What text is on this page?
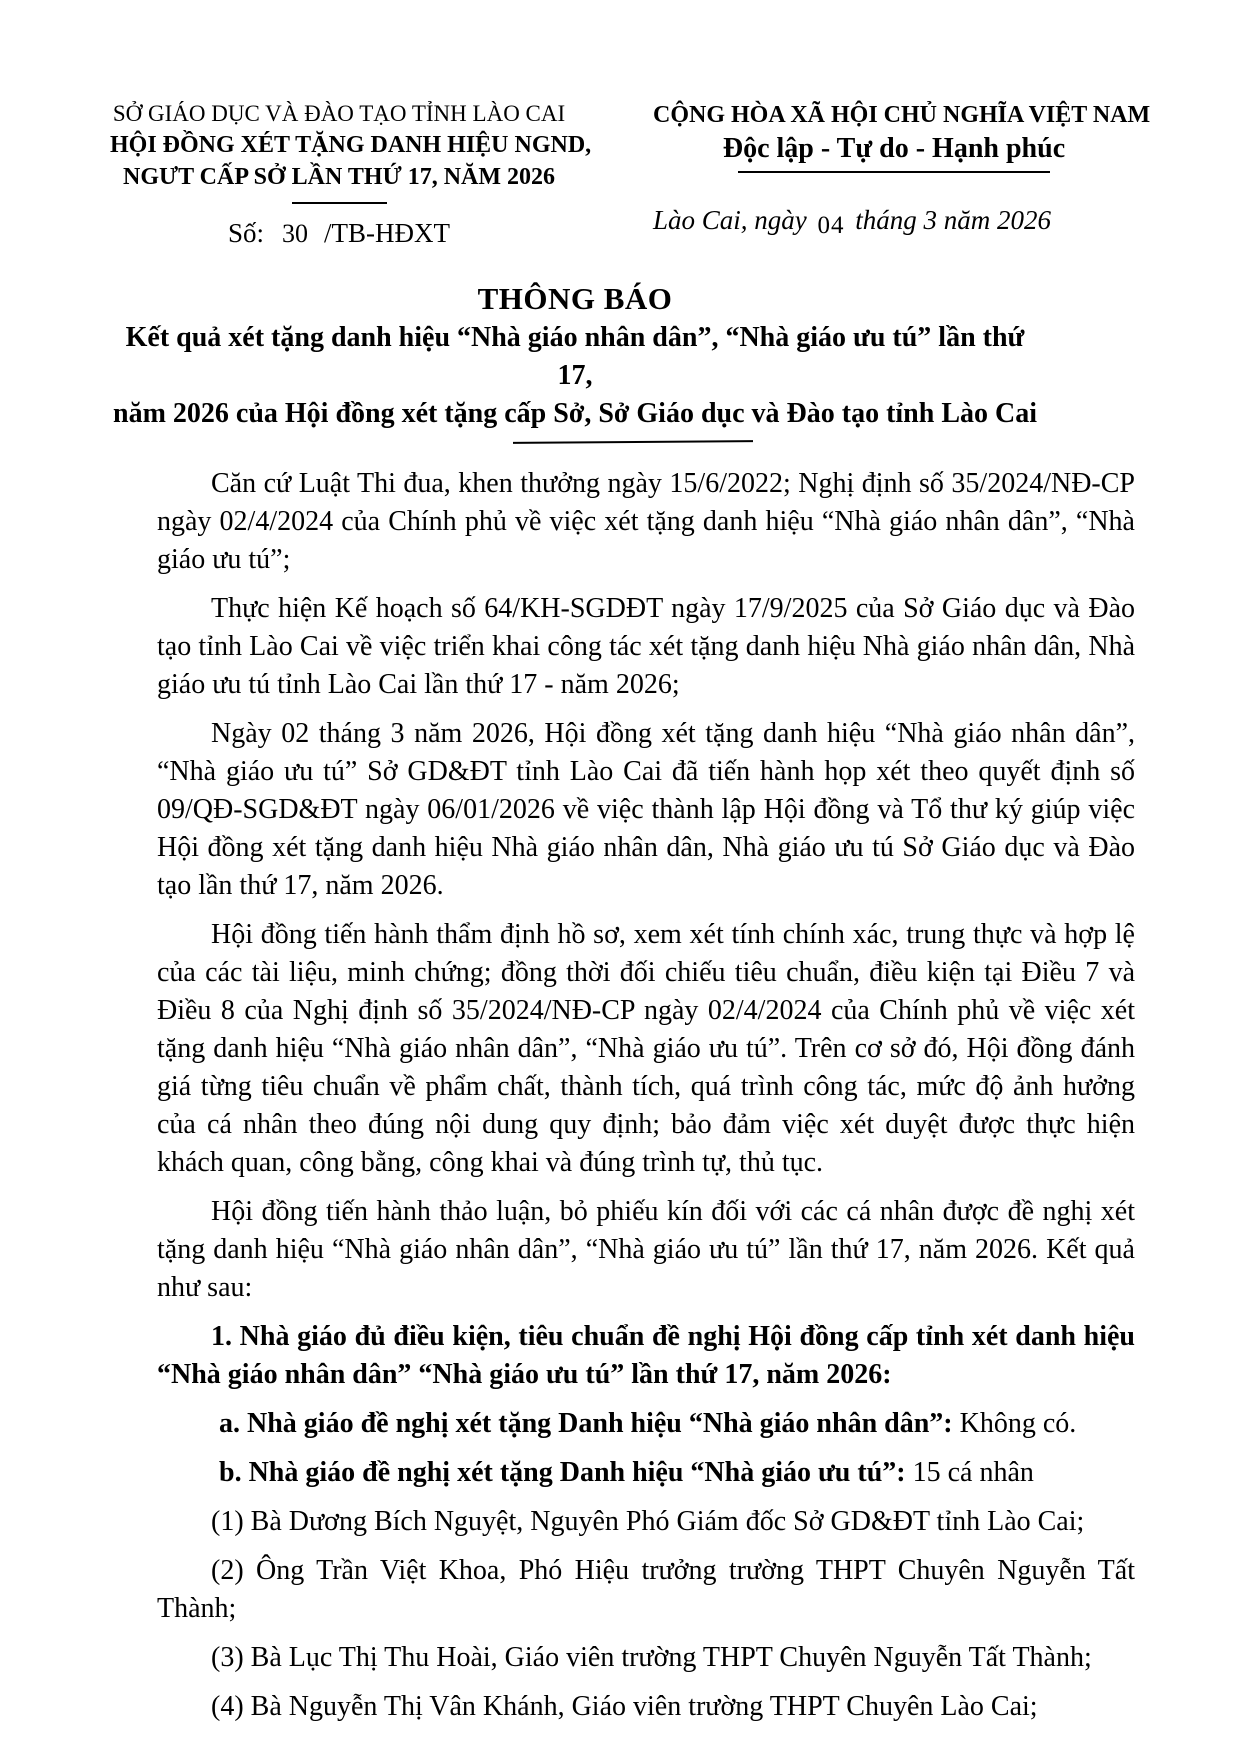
SỞ GIÁO DỤC VÀ ĐÀO TẠO TỈNH LÀO CAI
HỘI ĐỒNG XÉT TẶNG DANH HIỆU NGND,
NGƯT CẤP SỞ LẦN THỨ 17, NĂM 2026
Số: 30 /TB-HĐXT
CỘNG HÒA XÃ HỘI CHỦ NGHĨA VIỆT NAM
Độc lập - Tự do - Hạnh phúc
Lào Cai, ngày 04 tháng 3 năm 2026
THÔNG BÁO
Kết quả xét tặng danh hiệu “Nhà giáo nhân dân”, “Nhà giáo ưu tú” lần thứ 17,
năm 2026 của Hội đồng xét tặng cấp Sở, Sở Giáo dục và Đào tạo tỉnh Lào Cai

Căn cứ Luật Thi đua, khen thưởng ngày 15/6/2022; Nghị định số 35/2024/NĐ-CP ngày 02/4/2024 của Chính phủ về việc xét tặng danh hiệu “Nhà giáo nhân dân”, “Nhà giáo ưu tú”;

Thực hiện Kế hoạch số 64/KH-SGDĐT ngày 17/9/2025 của Sở Giáo dục và Đào tạo tỉnh Lào Cai về việc triển khai công tác xét tặng danh hiệu Nhà giáo nhân dân, Nhà giáo ưu tú tỉnh Lào Cai lần thứ 17 - năm 2026;

Ngày 02 tháng 3 năm 2026, Hội đồng xét tặng danh hiệu “Nhà giáo nhân dân”, “Nhà giáo ưu tú” Sở GD&ĐT tỉnh Lào Cai đã tiến hành họp xét theo quyết định số 09/QĐ-SGD&ĐT ngày 06/01/2026 về việc thành lập Hội đồng và Tổ thư ký giúp việc Hội đồng xét tặng danh hiệu Nhà giáo nhân dân, Nhà giáo ưu tú Sở Giáo dục và Đào tạo lần thứ 17, năm 2026.

Hội đồng tiến hành thẩm định hồ sơ, xem xét tính chính xác, trung thực và hợp lệ của các tài liệu, minh chứng; đồng thời đối chiếu tiêu chuẩn, điều kiện tại Điều 7 và Điều 8 của Nghị định số 35/2024/NĐ-CP ngày 02/4/2024 của Chính phủ về việc xét tặng danh hiệu “Nhà giáo nhân dân”, “Nhà giáo ưu tú”. Trên cơ sở đó, Hội đồng đánh giá từng tiêu chuẩn về phẩm chất, thành tích, quá trình công tác, mức độ ảnh hưởng của cá nhân theo đúng nội dung quy định; bảo đảm việc xét duyệt được thực hiện khách quan, công bằng, công khai và đúng trình tự, thủ tục.

Hội đồng tiến hành thảo luận, bỏ phiếu kín đối với các cá nhân được đề nghị xét tặng danh hiệu “Nhà giáo nhân dân”, “Nhà giáo ưu tú” lần thứ 17, năm 2026. Kết quả như sau:

1. Nhà giáo đủ điều kiện, tiêu chuẩn đề nghị Hội đồng cấp tỉnh xét danh hiệu “Nhà giáo nhân dân” “Nhà giáo ưu tú” lần thứ 17, năm 2026:

a. Nhà giáo đề nghị xét tặng Danh hiệu “Nhà giáo nhân dân”: Không có.

b. Nhà giáo đề nghị xét tặng Danh hiệu “Nhà giáo ưu tú”: 15 cá nhân

(1) Bà Dương Bích Nguyệt, Nguyên Phó Giám đốc Sở GD&ĐT tỉnh Lào Cai;

(2) Ông Trần Việt Khoa, Phó Hiệu trưởng trường THPT Chuyên Nguyễn Tất Thành;

(3) Bà Lục Thị Thu Hoài, Giáo viên trường THPT Chuyên Nguyễn Tất Thành;

(4) Bà Nguyễn Thị Vân Khánh, Giáo viên trường THPT Chuyên Lào Cai;
